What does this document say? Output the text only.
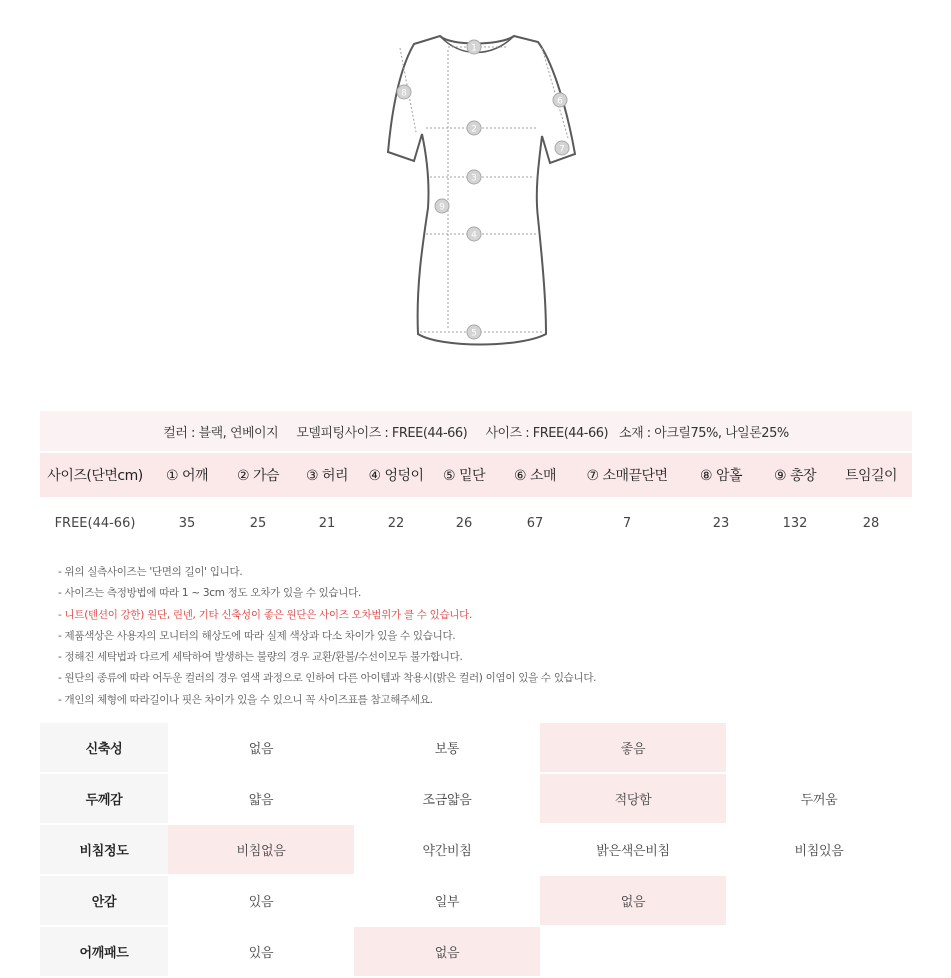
1
2
3
4
5
6
7
8
9
컬러 : 블랙, 연베이지
모델피팅사이즈 : FREE(44-66)
사이즈 : FREE(44-66)
소재 : 아크릴75%, 나일론25%
사이즈(단면cm)	① 어깨	② 가슴	③ 허리	④ 엉덩이	⑤ 밑단	⑥ 소매	⑦ 소매끝단면	⑧ 암홀	⑨ 총장	트임길이
FREE(44-66)	35	25	21	22	26	67	7	23	132	28
- 위의 실측사이즈는 '단면의 길이' 입니다.
- 사이즈는 측정방법에 따라 1 ~ 3cm 정도 오차가 있을 수 있습니다.
- 니트(텐션이 강한) 원단, 린넨, 기타 신축성이 좋은 원단은 사이즈 오차범위가 클 수 있습니다.
- 제품색상은 사용자의 모니터의 해상도에 따라 실제 색상과 다소 차이가 있을 수 있습니다.
- 정해진 세탁법과 다르게 세탁하여 발생하는 불량의 경우 교환/환불/수선이모두 불가합니다.
- 원단의 종류에 따라 어두운 컬러의 경우 염색 과정으로 인하여 다른 아이템과 착용시(밝은 컬러) 이염이 있을 수 있습니다.
- 개인의 체형에 따라길이나 핏은 차이가 있을 수 있으니 꼭 사이즈표를 참고해주세요.
신축성	없음	보통	좋음
두께감	얇음	조금얇음	적당함	두꺼움
비침정도	비침없음	약간비침	밝은색은비침	비침있음
안감	있음	일부	없음
어깨패드	있음	없음
